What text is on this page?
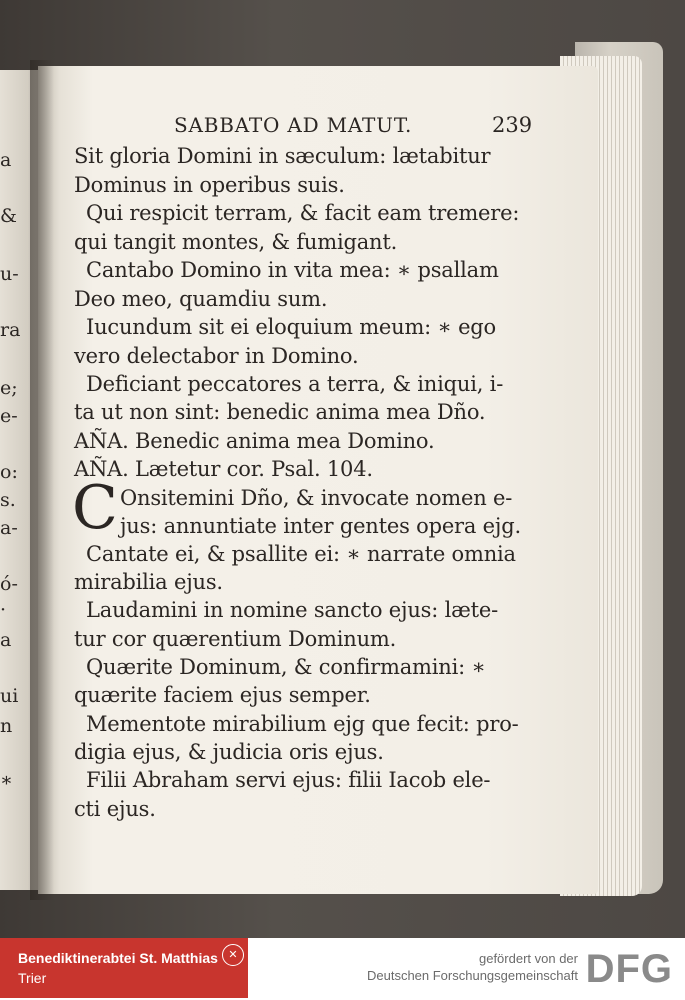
a
&
u-
ra
e;
e-
o:
s.
a-
ó-
·
a
ui
n
∗
SABBATO AD MATUT.	239
Sit gloria Domini in sæculum: lætabitur
Dominus in operibus suis.
Qui respicit terram, & facit eam tremere:
qui tangit montes, & fumigant.
Cantabo Domino in vita mea: ∗ psallam
Deo meo, quamdiu sum.
Iucundum sit ei eloquium meum: ∗ ego
vero delectabor in Domino.
Deficiant peccatores a terra, & iniqui, i-
ta ut non sint: benedic anima mea Dño.
AÑA. Benedic anima mea Domino.
AÑA. Lætetur cor. Psal. 104.
C Onsitemini Dño, & invocate nomen e-
jus: annuntiate inter gentes opera ejg.
Cantate ei, & psallite ei: ∗ narrate omnia
mirabilia ejus.
Laudamini in nomine sancto ejus: læte-
tur cor quærentium Dominum.
Quærite Dominum, & confirmamini: ∗
quærite faciem ejus semper.
Mementote mirabilium ejg que fecit: pro-
digia ejus, & judicia oris ejus.
Filii Abraham servi ejus: filii Iacob ele-
cti ejus.
Benediktinerabtei St. Matthias
Trier
✕	gefördert von der
Deutschen Forschungsgemeinschaft DFG
